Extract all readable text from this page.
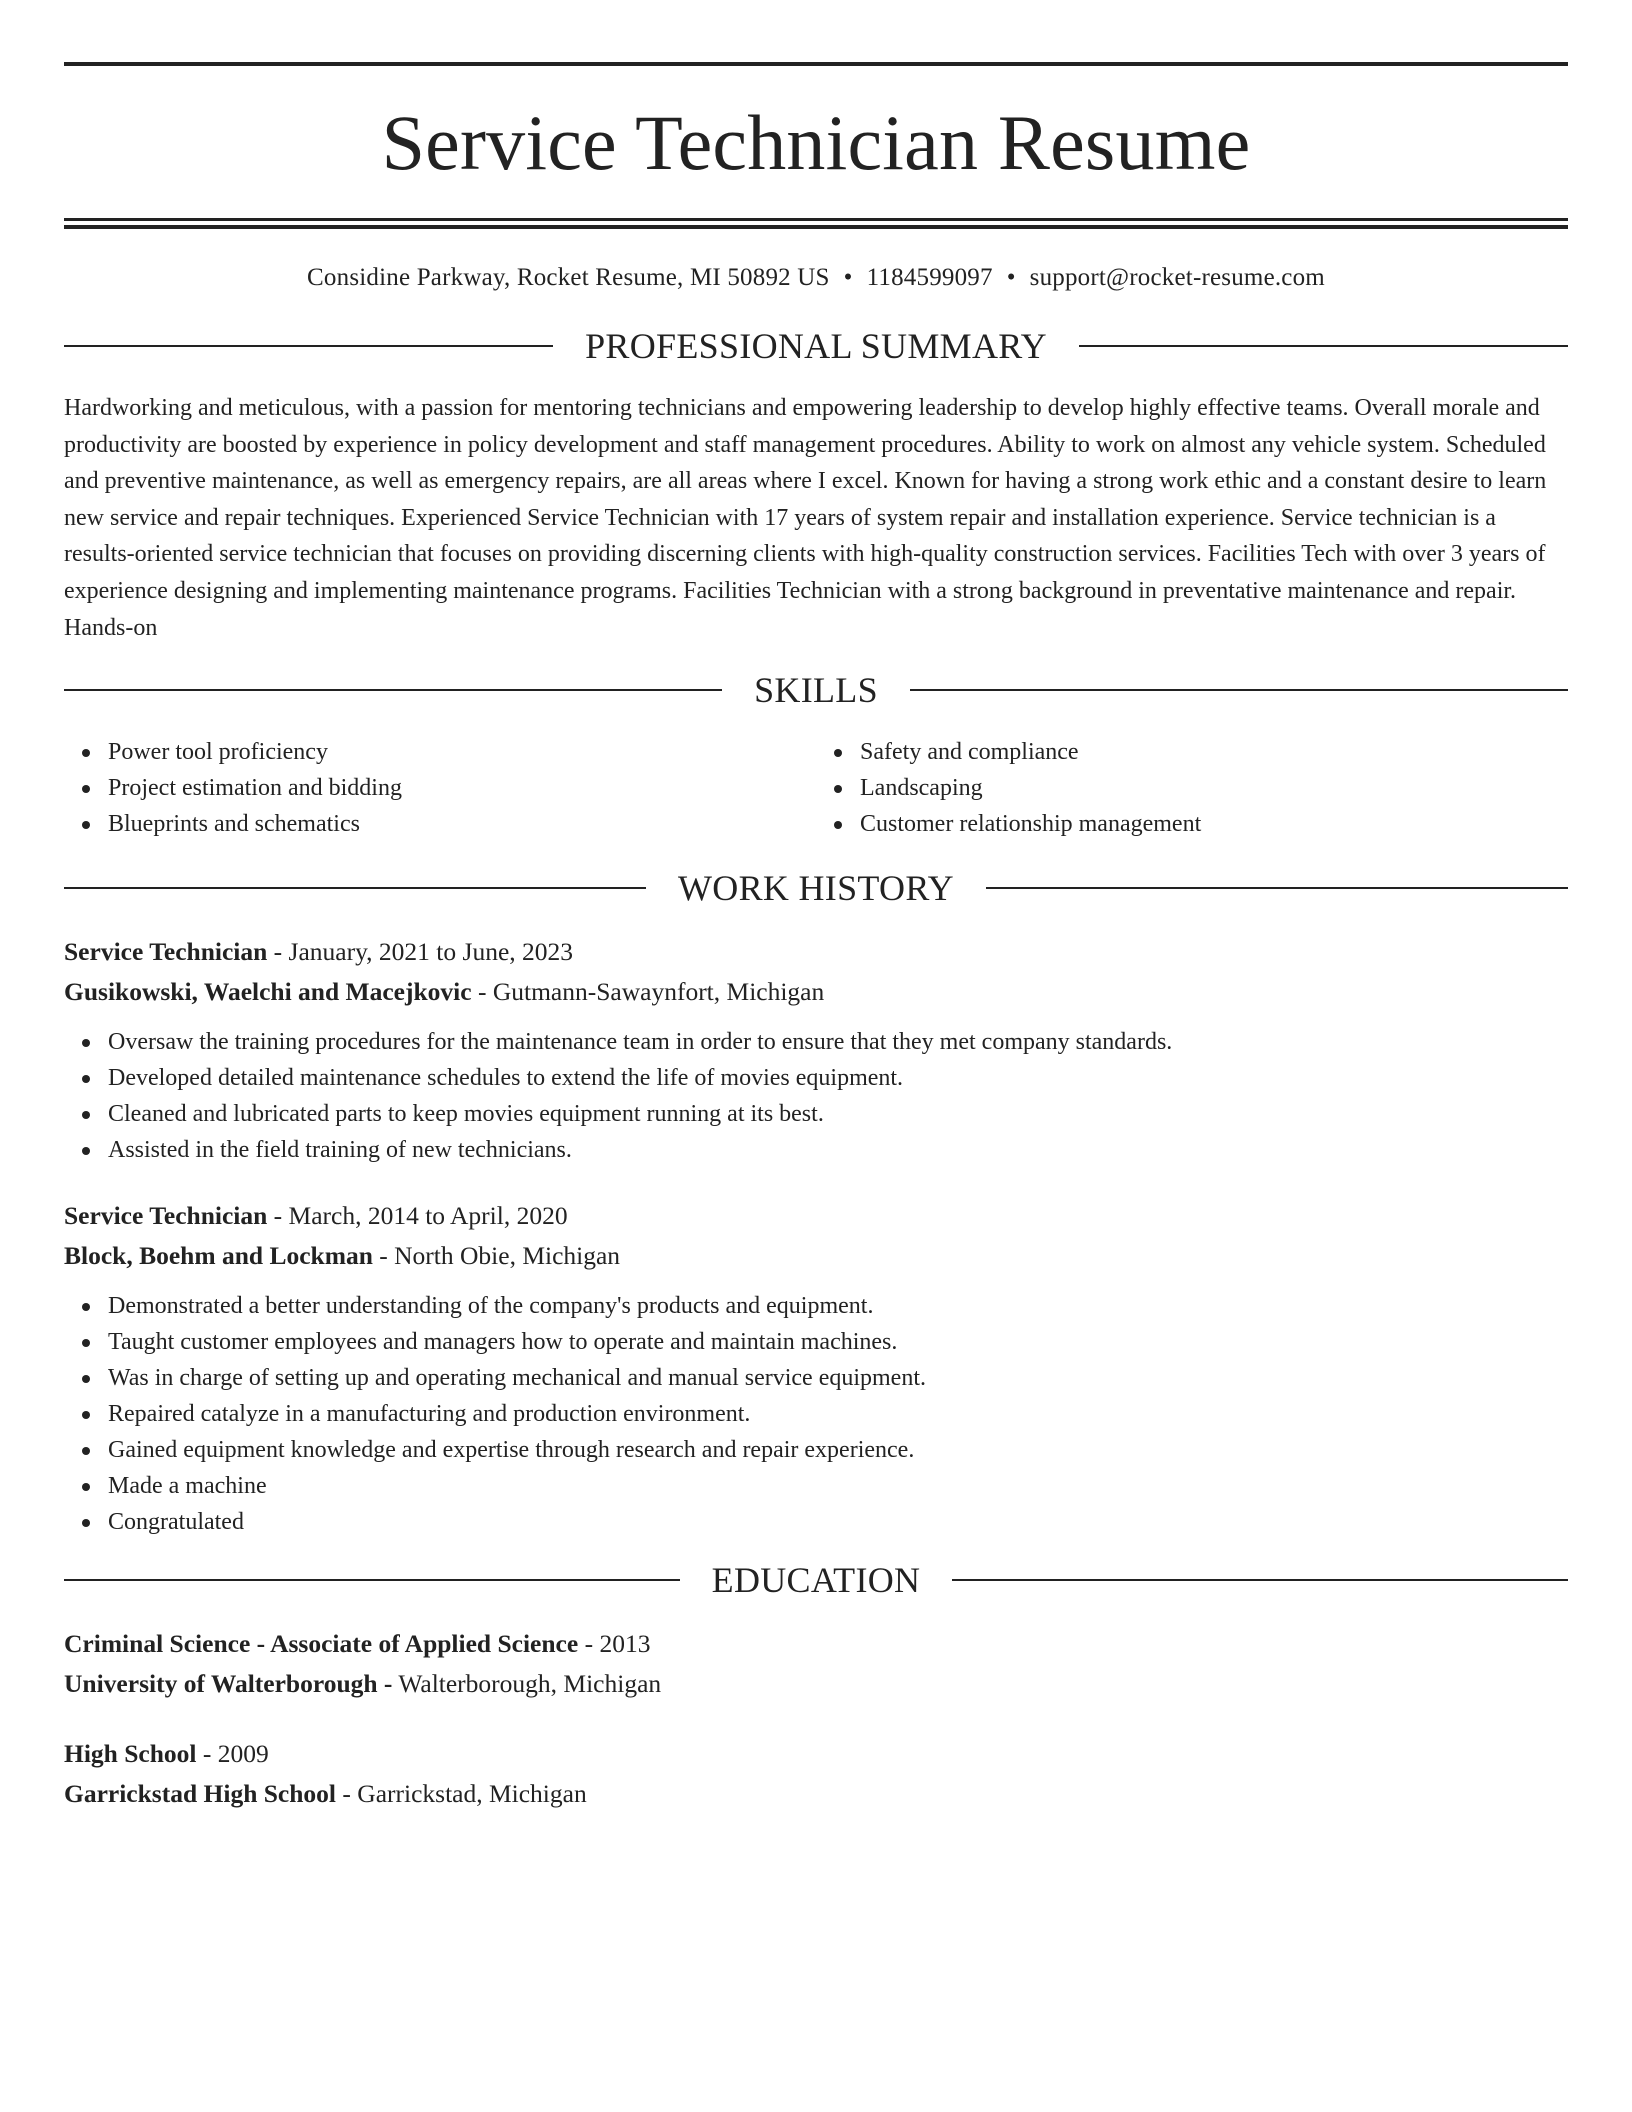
Service Technician Resume
Considine Parkway, Rocket Resume, MI 50892 US • 1184599097 • support@rocket-resume.com
PROFESSIONAL SUMMARY

Hardworking and meticulous, with a passion for mentoring technicians and empowering leadership to develop highly effective teams. Overall morale and productivity are boosted by experience in policy development and staff management procedures. Ability to work on almost any vehicle system. Scheduled and preventive maintenance, as well as emergency repairs, are all areas where I excel. Known for having a strong work ethic and a constant desire to learn new service and repair techniques. Experienced Service Technician with 17 years of system repair and installation experience. Service technician is a results-oriented service technician that focuses on providing discerning clients with high-quality construction services. Facilities Tech with over 3 years of experience designing and implementing maintenance programs. Facilities Technician with a strong background in preventative maintenance and repair. Hands-on

SKILLS
Power tool proficiency
Project estimation and bidding
Blueprints and schematics
Safety and compliance
Landscaping
Customer relationship management
WORK HISTORY
Service Technician - January, 2021 to June, 2023
Gusikowski, Waelchi and Macejkovic - Gutmann-Sawaynfort, Michigan
Oversaw the training procedures for the maintenance team in order to ensure that they met company standards.
Developed detailed maintenance schedules to extend the life of movies equipment.
Cleaned and lubricated parts to keep movies equipment running at its best.
Assisted in the field training of new technicians.
Service Technician - March, 2014 to April, 2020
Block, Boehm and Lockman - North Obie, Michigan
Demonstrated a better understanding of the company's products and equipment.
Taught customer employees and managers how to operate and maintain machines.
Was in charge of setting up and operating mechanical and manual service equipment.
Repaired catalyze in a manufacturing and production environment.
Gained equipment knowledge and expertise through research and repair experience.
Made a machine
Congratulated
EDUCATION
Criminal Science - Associate of Applied Science - 2013
University of Walterborough - Walterborough, Michigan
High School - 2009
Garrickstad High School - Garrickstad, Michigan
